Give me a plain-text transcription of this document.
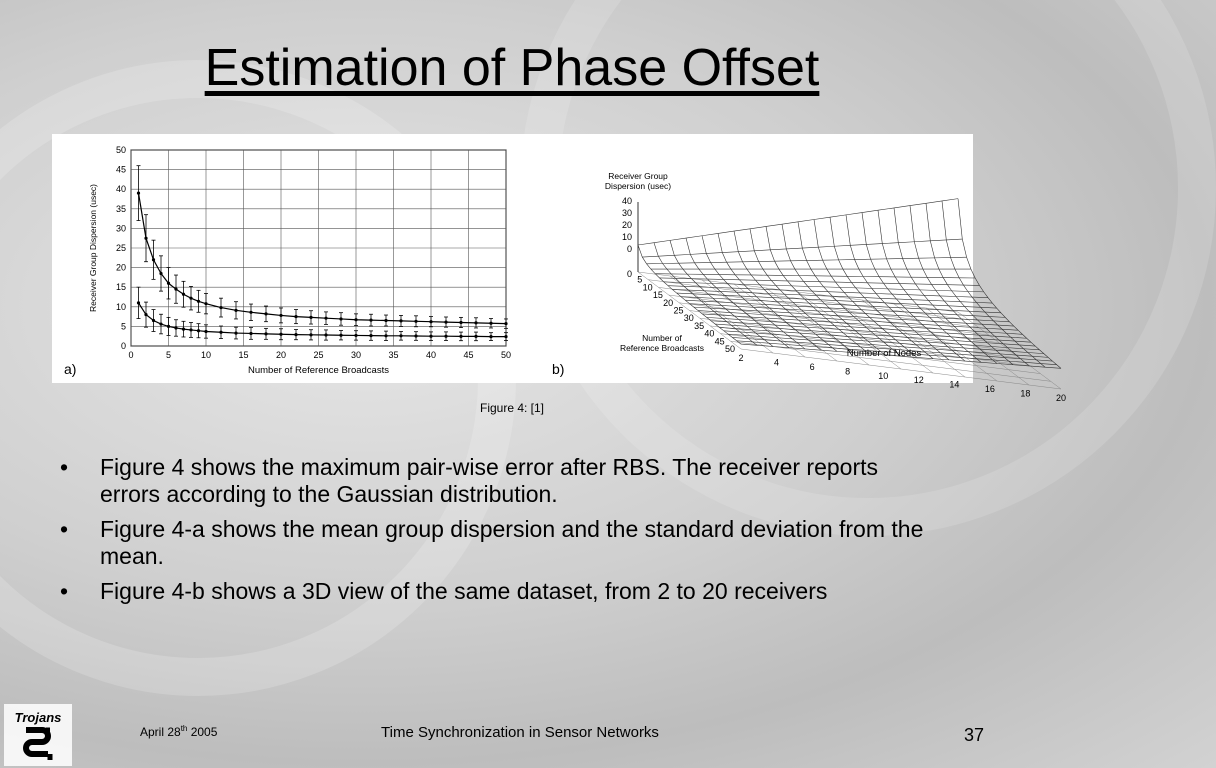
Estimation of Phase Offset
0	5	10	15	20	25	30	35	40	45	50
0
5
10
15
20
25
30
35
40
45
50
Number of Reference Broadcasts
Receiver Group Dispersion (usec)
a)
40
30
20
10
0
0
Receiver Group
Dispersion (usec)
5
10
15
20
25
30
35
40
45
50
2	4	6	8	10	12	14	16	18	20
Number of
Reference Broadcasts	Number of Nodes
b)
Figure 4: [1]
• Figure 4 shows the maximum pair-wise error after RBS. The receiver reports errors according to the Gaussian distribution.
• Figure 4-a shows the mean group dispersion and the standard deviation from the mean.
• Figure 4-b shows a 3D view of the same dataset, from 2 to 20 receivers
Trojans
April 28th 2005	Time Synchronization in Sensor Networks	37
